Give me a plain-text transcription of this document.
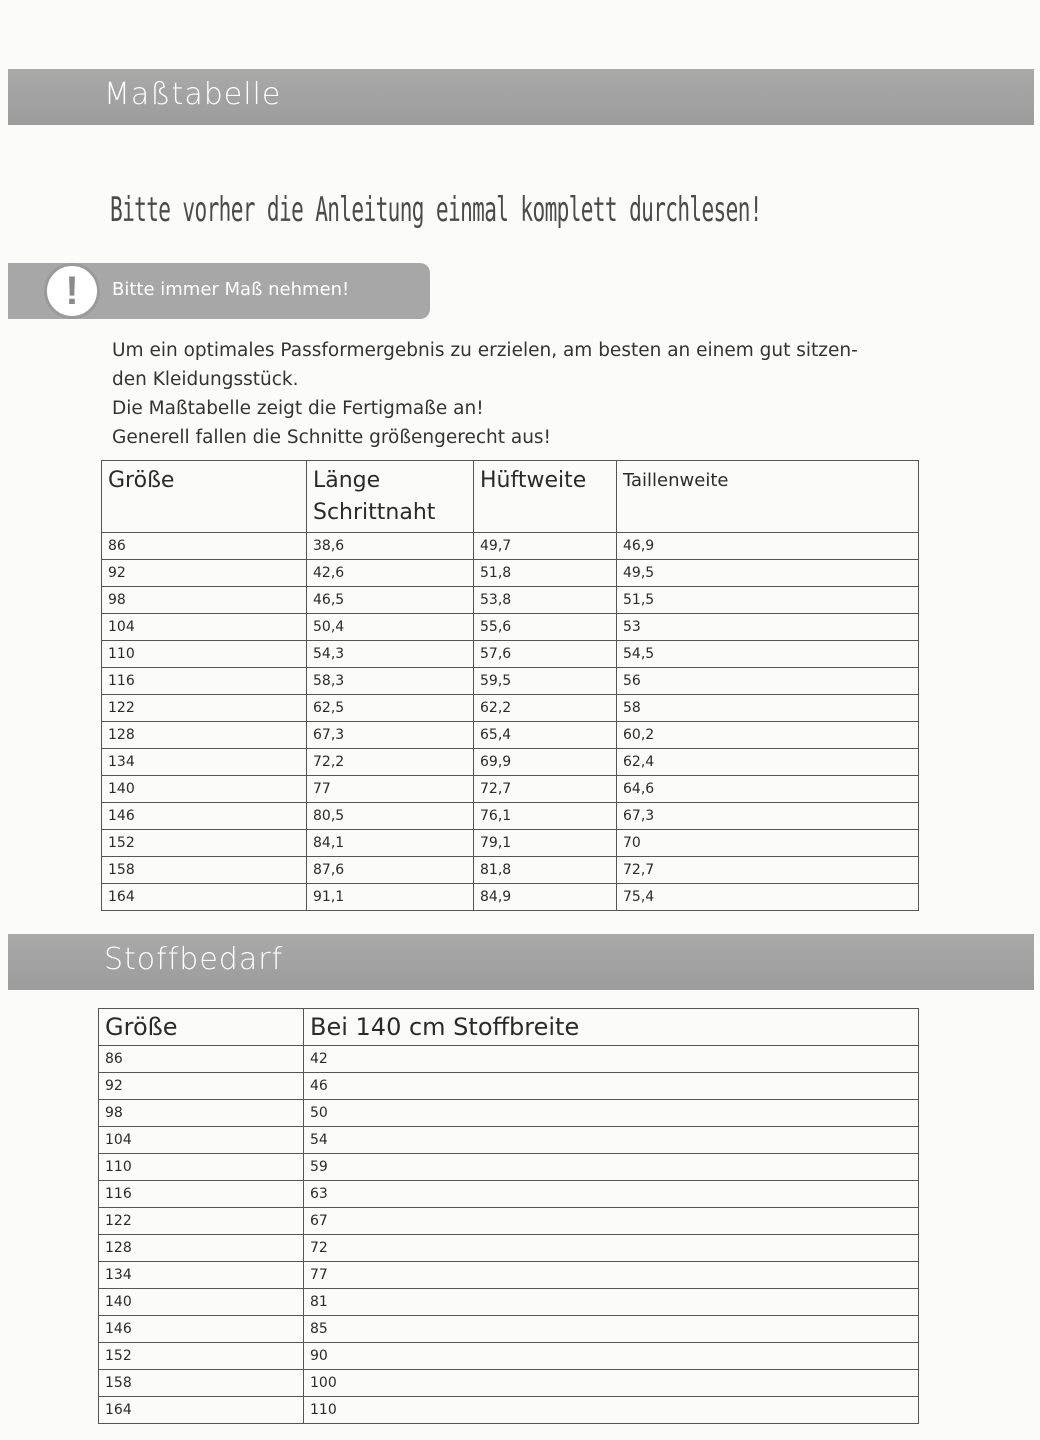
Maßtabelle
Bitte vorher die Anleitung einmal komplett durchlesen!
! Bitte immer Maß nehmen!
Um ein optimales Passformergebnis zu erzielen, am besten an einem gut sitzen-
den Kleidungsstück.
Die Maßtabelle zeigt die Fertigmaße an!
Generell fallen die Schnitte größengerecht aus!
Größe	Länge Schrittnaht	Hüftweite	Taillenweite
86	38,6	49,7	46,9
92	42,6	51,8	49,5
98	46,5	53,8	51,5
104	50,4	55,6	53
110	54,3	57,6	54,5
116	58,3	59,5	56
122	62,5	62,2	58
128	67,3	65,4	60,2
134	72,2	69,9	62,4
140	77	72,7	64,6
146	80,5	76,1	67,3
152	84,1	79,1	70
158	87,6	81,8	72,7
164	91,1	84,9	75,4
Stoffbedarf
Größe	Bei 140 cm Stoffbreite
86	42
92	46
98	50
104	54
110	59
116	63
122	67
128	72
134	77
140	81
146	85
152	90
158	100
164	110
